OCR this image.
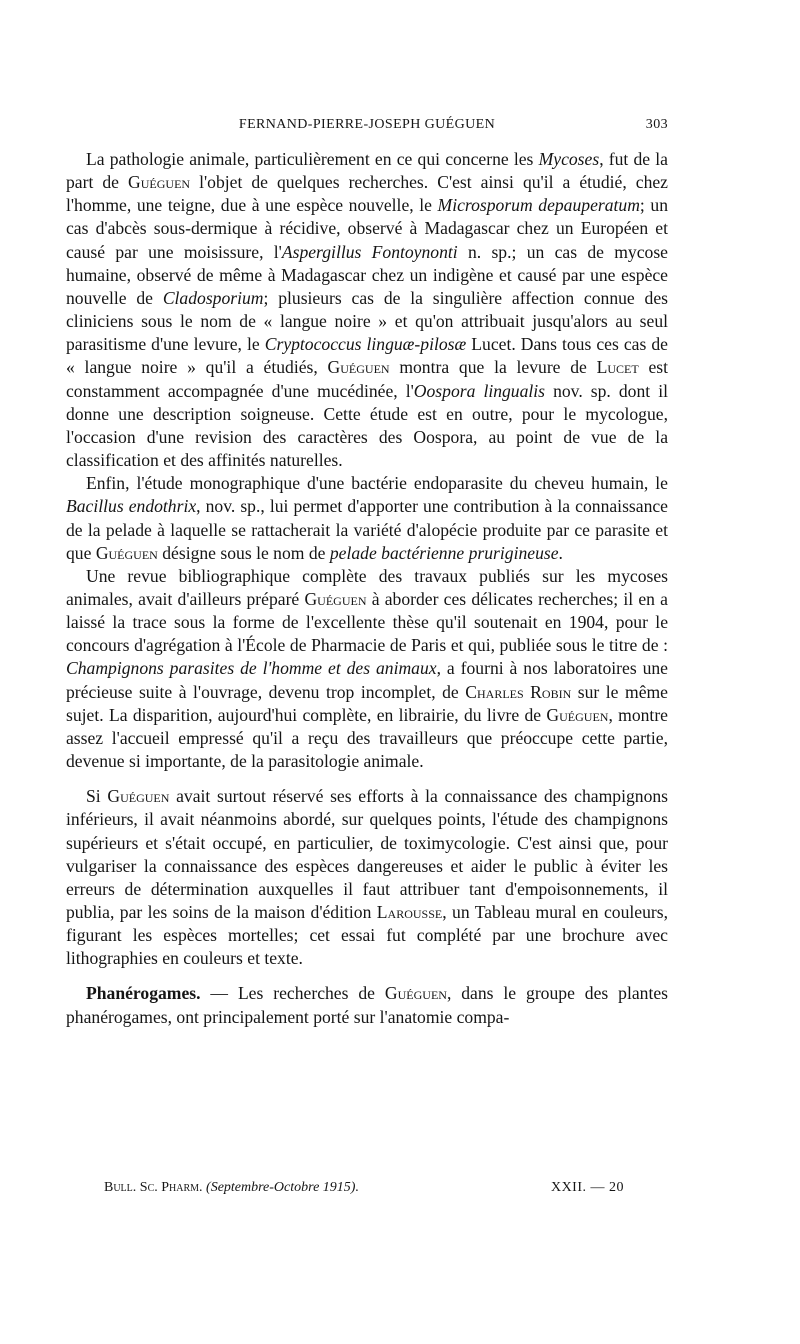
FERNAND-PIERRE-JOSEPH GUÉGUEN	303

La pathologie animale, particulièrement en ce qui concerne les Mycoses, fut de la part de Guéguen l'objet de quelques recherches. C'est ainsi qu'il a étudié, chez l'homme, une teigne, due à une espèce nouvelle, le Microsporum depauperatum; un cas d'abcès sous-dermique à récidive, observé à Madagascar chez un Européen et causé par une moisissure, l'Aspergillus Fontoynonti n. sp.; un cas de mycose humaine, observé de même à Madagascar chez un indigène et causé par une espèce nouvelle de Cladosporium; plusieurs cas de la singulière affection connue des cliniciens sous le nom de « langue noire » et qu'on attribuait jusqu'alors au seul parasitisme d'une levure, le Cryptococcus linguæ-pilosæ Lucet. Dans tous ces cas de « langue noire » qu'il a étudiés, Guéguen montra que la levure de Lucet est constamment accompagnée d'une mucédinée, l'Oospora lingualis nov. sp. dont il donne une description soigneuse. Cette étude est en outre, pour le mycologue, l'occasion d'une revision des caractères des Oospora, au point de vue de la classification et des affinités naturelles.

Enfin, l'étude monographique d'une bactérie endoparasite du cheveu humain, le Bacillus endothrix, nov. sp., lui permet d'apporter une contribution à la connaissance de la pelade à laquelle se rattacherait la variété d'alopécie produite par ce parasite et que Guéguen désigne sous le nom de pelade bactérienne prurigineuse.

Une revue bibliographique complète des travaux publiés sur les mycoses animales, avait d'ailleurs préparé Guéguen à aborder ces délicates recherches; il en a laissé la trace sous la forme de l'excellente thèse qu'il soutenait en 1904, pour le concours d'agrégation à l'École de Pharmacie de Paris et qui, publiée sous le titre de : Champignons parasites de l'homme et des animaux, a fourni à nos laboratoires une précieuse suite à l'ouvrage, devenu trop incomplet, de Charles Robin sur le même sujet. La disparition, aujourd'hui complète, en librairie, du livre de Guéguen, montre assez l'accueil empressé qu'il a reçu des travailleurs que préoccupe cette partie, devenue si importante, de la parasitologie animale.

Si Guéguen avait surtout réservé ses efforts à la connaissance des champignons inférieurs, il avait néanmoins abordé, sur quelques points, l'étude des champignons supérieurs et s'était occupé, en particulier, de toximycologie. C'est ainsi que, pour vulgariser la connaissance des espèces dangereuses et aider le public à éviter les erreurs de détermination auxquelles il faut attribuer tant d'empoisonnements, il publia, par les soins de la maison d'édition Larousse, un Tableau mural en couleurs, figurant les espèces mortelles; cet essai fut complété par une brochure avec lithographies en couleurs et texte.

Phanérogames. — Les recherches de Guéguen, dans le groupe des plantes phanérogames, ont principalement porté sur l'anatomie compa-

Bull. Sc. Pharm. (Septembre-Octobre 1915).	XXII. — 20
